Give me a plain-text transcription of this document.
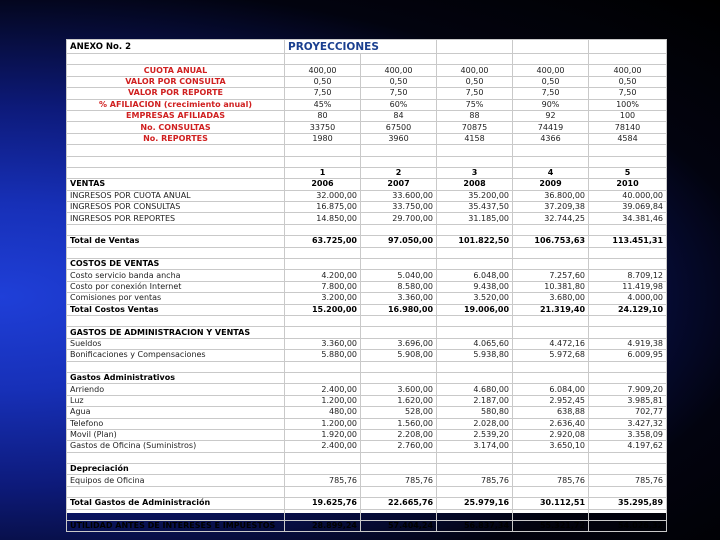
ANEXO No. 2	PROYECCIONES				

CUOTA ANUAL	400,00	400,00	400,00	400,00	400,00
VALOR POR CONSULTA	0,50	0,50	0,50	0,50	0,50
VALOR POR REPORTE	7,50	7,50	7,50	7,50	7,50
% AFILIACION (crecimiento anual)	45%	60%	75%	90%	100%
EMPRESAS AFILIADAS	80	84	88	92	100
No. CONSULTAS	33750	67500	70875	74419	78140
No. REPORTES	1980	3960	4158	4366	4584

	1	2	3	4	5
VENTAS	2006	2007	2008	2009	2010
INGRESOS POR CUOTA ANUAL	32.000,00	33.600,00	35.200,00	36.800,00	40.000,00
INGRESOS POR CONSULTAS	16.875,00	33.750,00	35.437,50	37.209,38	39.069,84
INGRESOS POR REPORTES	14.850,00	29.700,00	31.185,00	32.744,25	34.381,46

Total de Ventas	63.725,00	97.050,00	101.822,50	106.753,63	113.451,31

COSTOS DE VENTAS					
Costo servicio banda ancha	4.200,00	5.040,00	6.048,00	7.257,60	8.709,12
Costo por conexión Internet	7.800,00	8.580,00	9.438,00	10.381,80	11.419,98
Comisiones por ventas	3.200,00	3.360,00	3.520,00	3.680,00	4.000,00
Total Costos Ventas	15.200,00	16.980,00	19.006,00	21.319,40	24.129,10

GASTOS DE ADMINISTRACION Y VENTAS					
Sueldos	3.360,00	3.696,00	4.065,60	4.472,16	4.919,38
Bonificaciones y Compensaciones	5.880,00	5.908,00	5.938,80	5.972,68	6.009,95

Gastos Administrativos					
Arriendo	2.400,00	3.600,00	4.680,00	6.084,00	7.909,20
Luz	1.200,00	1.620,00	2.187,00	2.952,45	3.985,81
Agua	480,00	528,00	580,80	638,88	702,77
Telefono	1.200,00	1.560,00	2.028,00	2.636,40	3.427,32
Movil (Plan)	1.920,00	2.208,00	2.539,20	2.920,08	3.358,09
Gastos de Oficina (Suministros)	2.400,00	2.760,00	3.174,00	3.650,10	4.197,62

Depreciación					
Equipos de Oficina	785,76	785,76	785,76	785,76	785,76

Total Gastos de Administración	19.625,76	22.665,76	25.979,16	30.112,51	35.295,89

UTILIDAD ANTES DE INTERESES E IMPUESTOS	28.899,24	57.404,24	56.837,34	55.321,72	54.026,32
